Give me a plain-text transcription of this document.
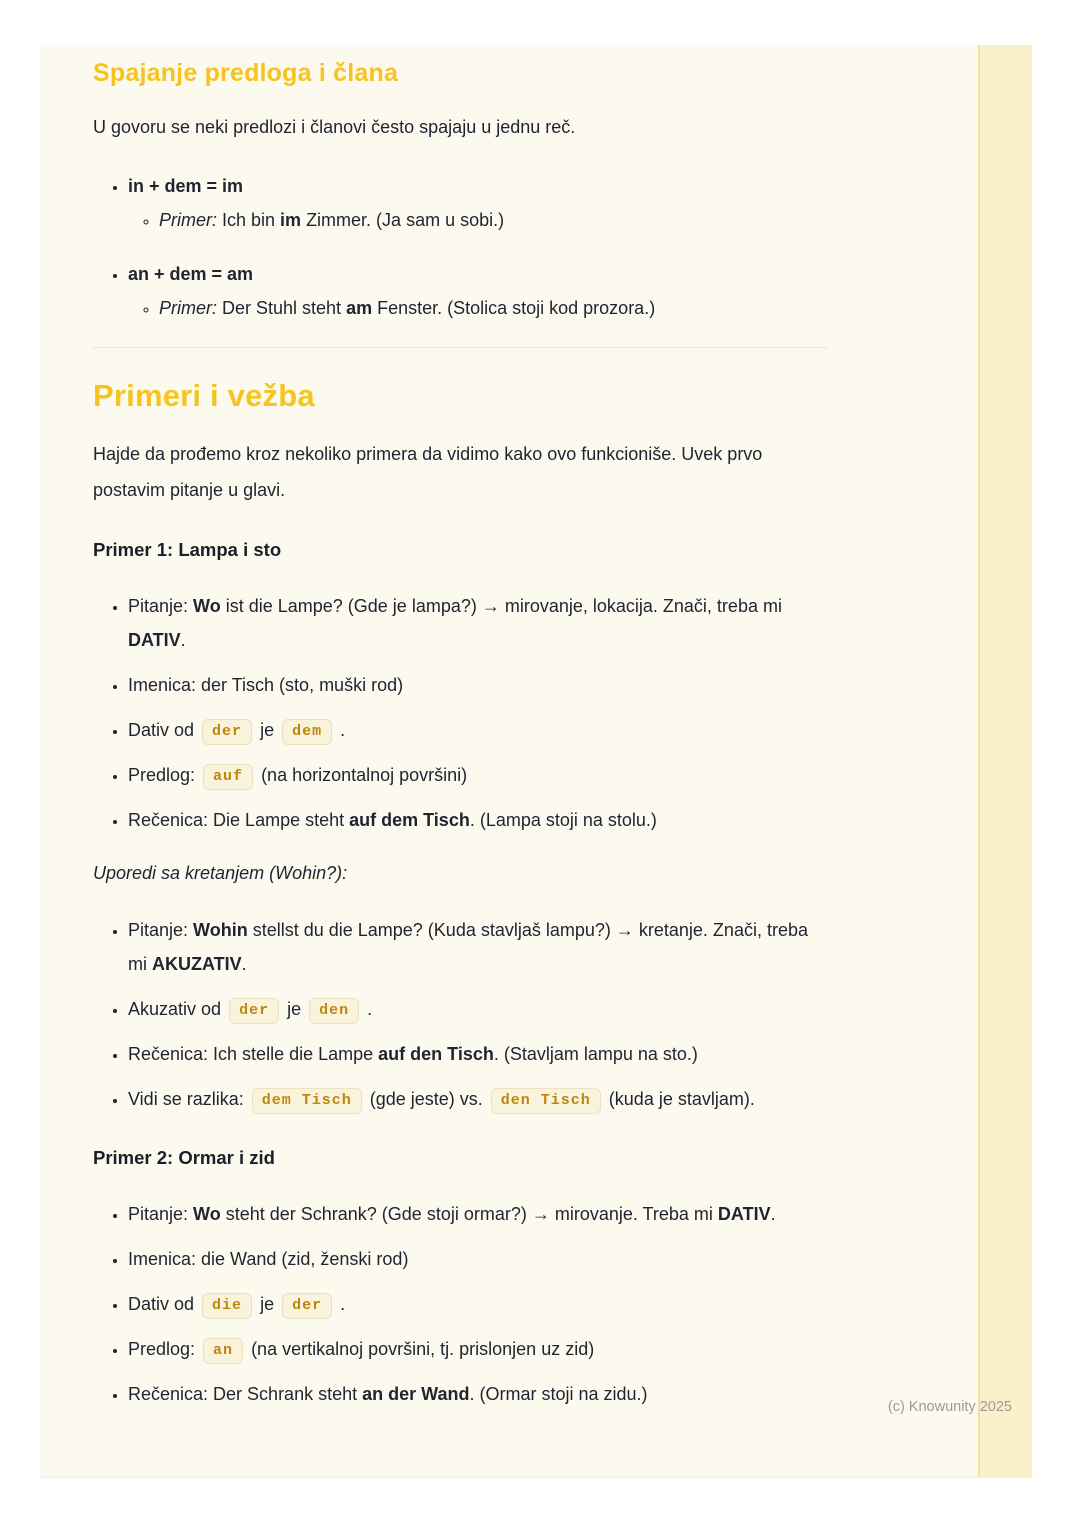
Spajanje predloga i člana

U govoru se neki predlozi i članovi često spajaju u jednu reč.

• in + dem = im
◦ Primer: Ich bin im Zimmer. (Ja sam u sobi.)
• an + dem = am
◦ Primer: Der Stuhl steht am Fenster. (Stolica stoji kod prozora.)
Primeri i vežba

Hajde da prođemo kroz nekoliko primera da vidimo kako ovo funkcioniše. Uvek prvo postavim pitanje u glavi.

Primer 1: Lampa i sto

• Pitanje: Wo ist die Lampe? (Gde je lampa?) → mirovanje, lokacija. Znači, treba mi DATIV.
• Imenica: der Tisch (sto, muški rod)
• Dativ od der je dem .
• Predlog: auf (na horizontalnoj površini)
• Rečenica: Die Lampe steht auf dem Tisch. (Lampa stoji na stolu.)

Uporedi sa kretanjem (Wohin?):

• Pitanje: Wohin stellst du die Lampe? (Kuda stavljaš lampu?) → kretanje. Znači, treba mi AKUZATIV.
• Akuzativ od der je den .
• Rečenica: Ich stelle die Lampe auf den Tisch. (Stavljam lampu na sto.)
• Vidi se razlika: dem Tisch (gde jeste) vs. den Tisch (kuda je stavljam).

Primer 2: Ormar i zid

• Pitanje: Wo steht der Schrank? (Gde stoji ormar?) → mirovanje. Treba mi DATIV.
• Imenica: die Wand (zid, ženski rod)
• Dativ od die je der .
• Predlog: an (na vertikalnoj površini, tj. prislonjen uz zid)
• Rečenica: Der Schrank steht an der Wand. (Ormar stoji na zidu.)
(c) Knowunity 2025
